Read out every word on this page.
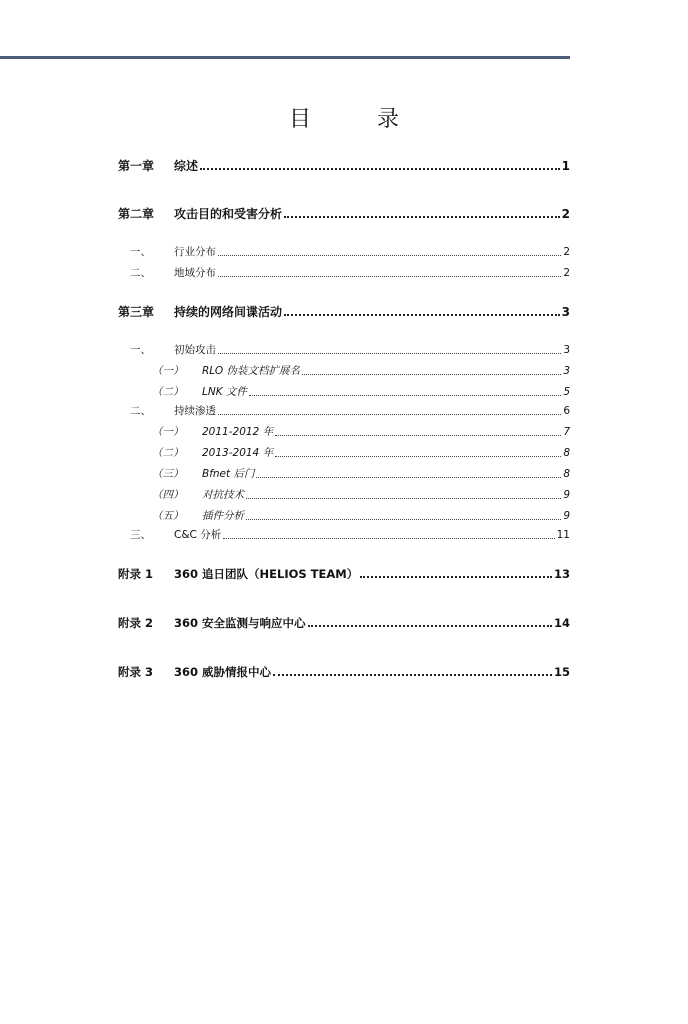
目　录
第一章	综述	1
第二章	攻击目的和受害分析	2
一、	行业分布	2
二、	地域分布	2
第三章	持续的网络间谍活动	3
一、	初始攻击	3
（一）	RLO 伪装文档扩展名	3
（二）	LNK 文件	5
二、	持续渗透	6
（一）	2011-2012 年	7
（二）	2013-2014 年	8
（三）	Bfnet 后门	8
（四）	对抗技术	9
（五）	插件分析	9
三、	C&C 分析	11
附录 1	360 追日团队（HELIOS TEAM）	13
附录 2	360 安全监测与响应中心	14
附录 3	360 威胁情报中心	15
